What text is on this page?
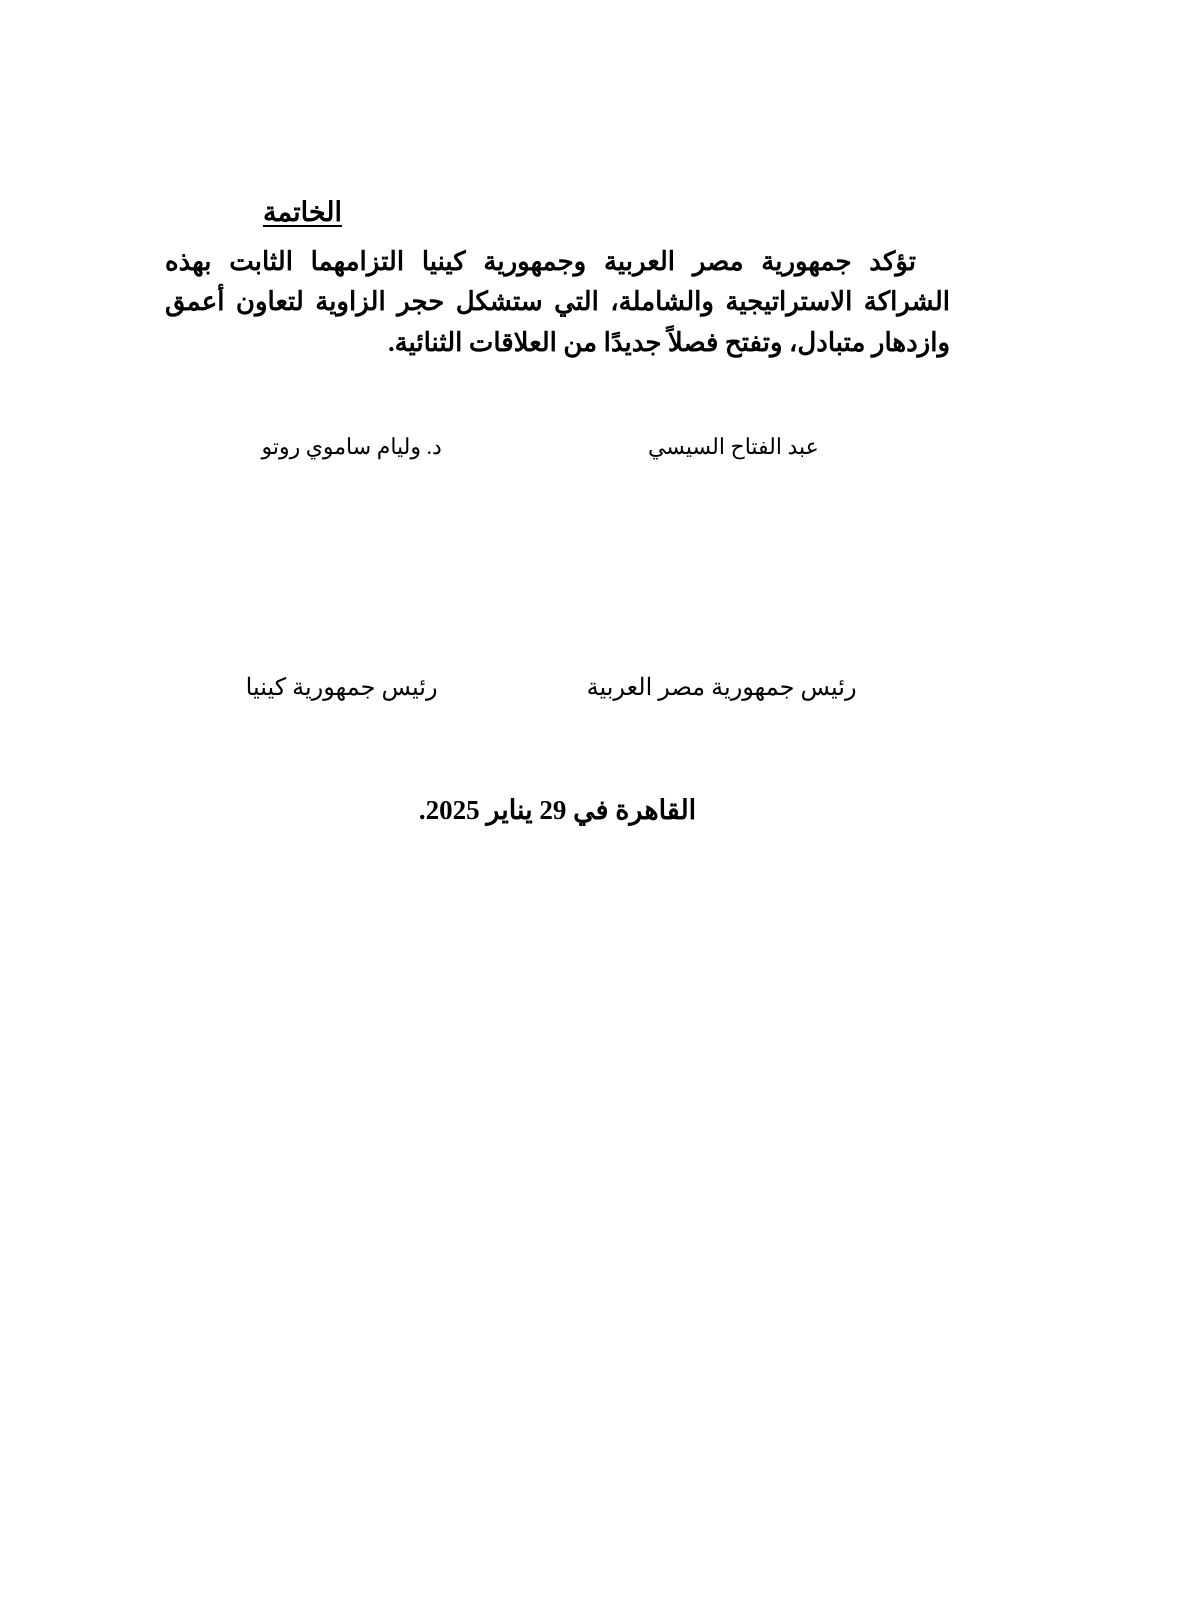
الخاتمة

تؤكد جمهورية مصر العربية وجمهورية كينيا التزامهما الثابت بهذه الشراكة الاستراتيجية والشاملة، التي ستشكل حجر الزاوية لتعاون أعمق وازدهار متبادل، وتفتح فصلاً جديدًا من العلاقات الثنائية.

عبد الفتاح السيسي
د. وليام ساموي روتو
رئيس جمهورية مصر العربية
رئيس جمهورية كينيا
القاهرة في 29 يناير 2025.
